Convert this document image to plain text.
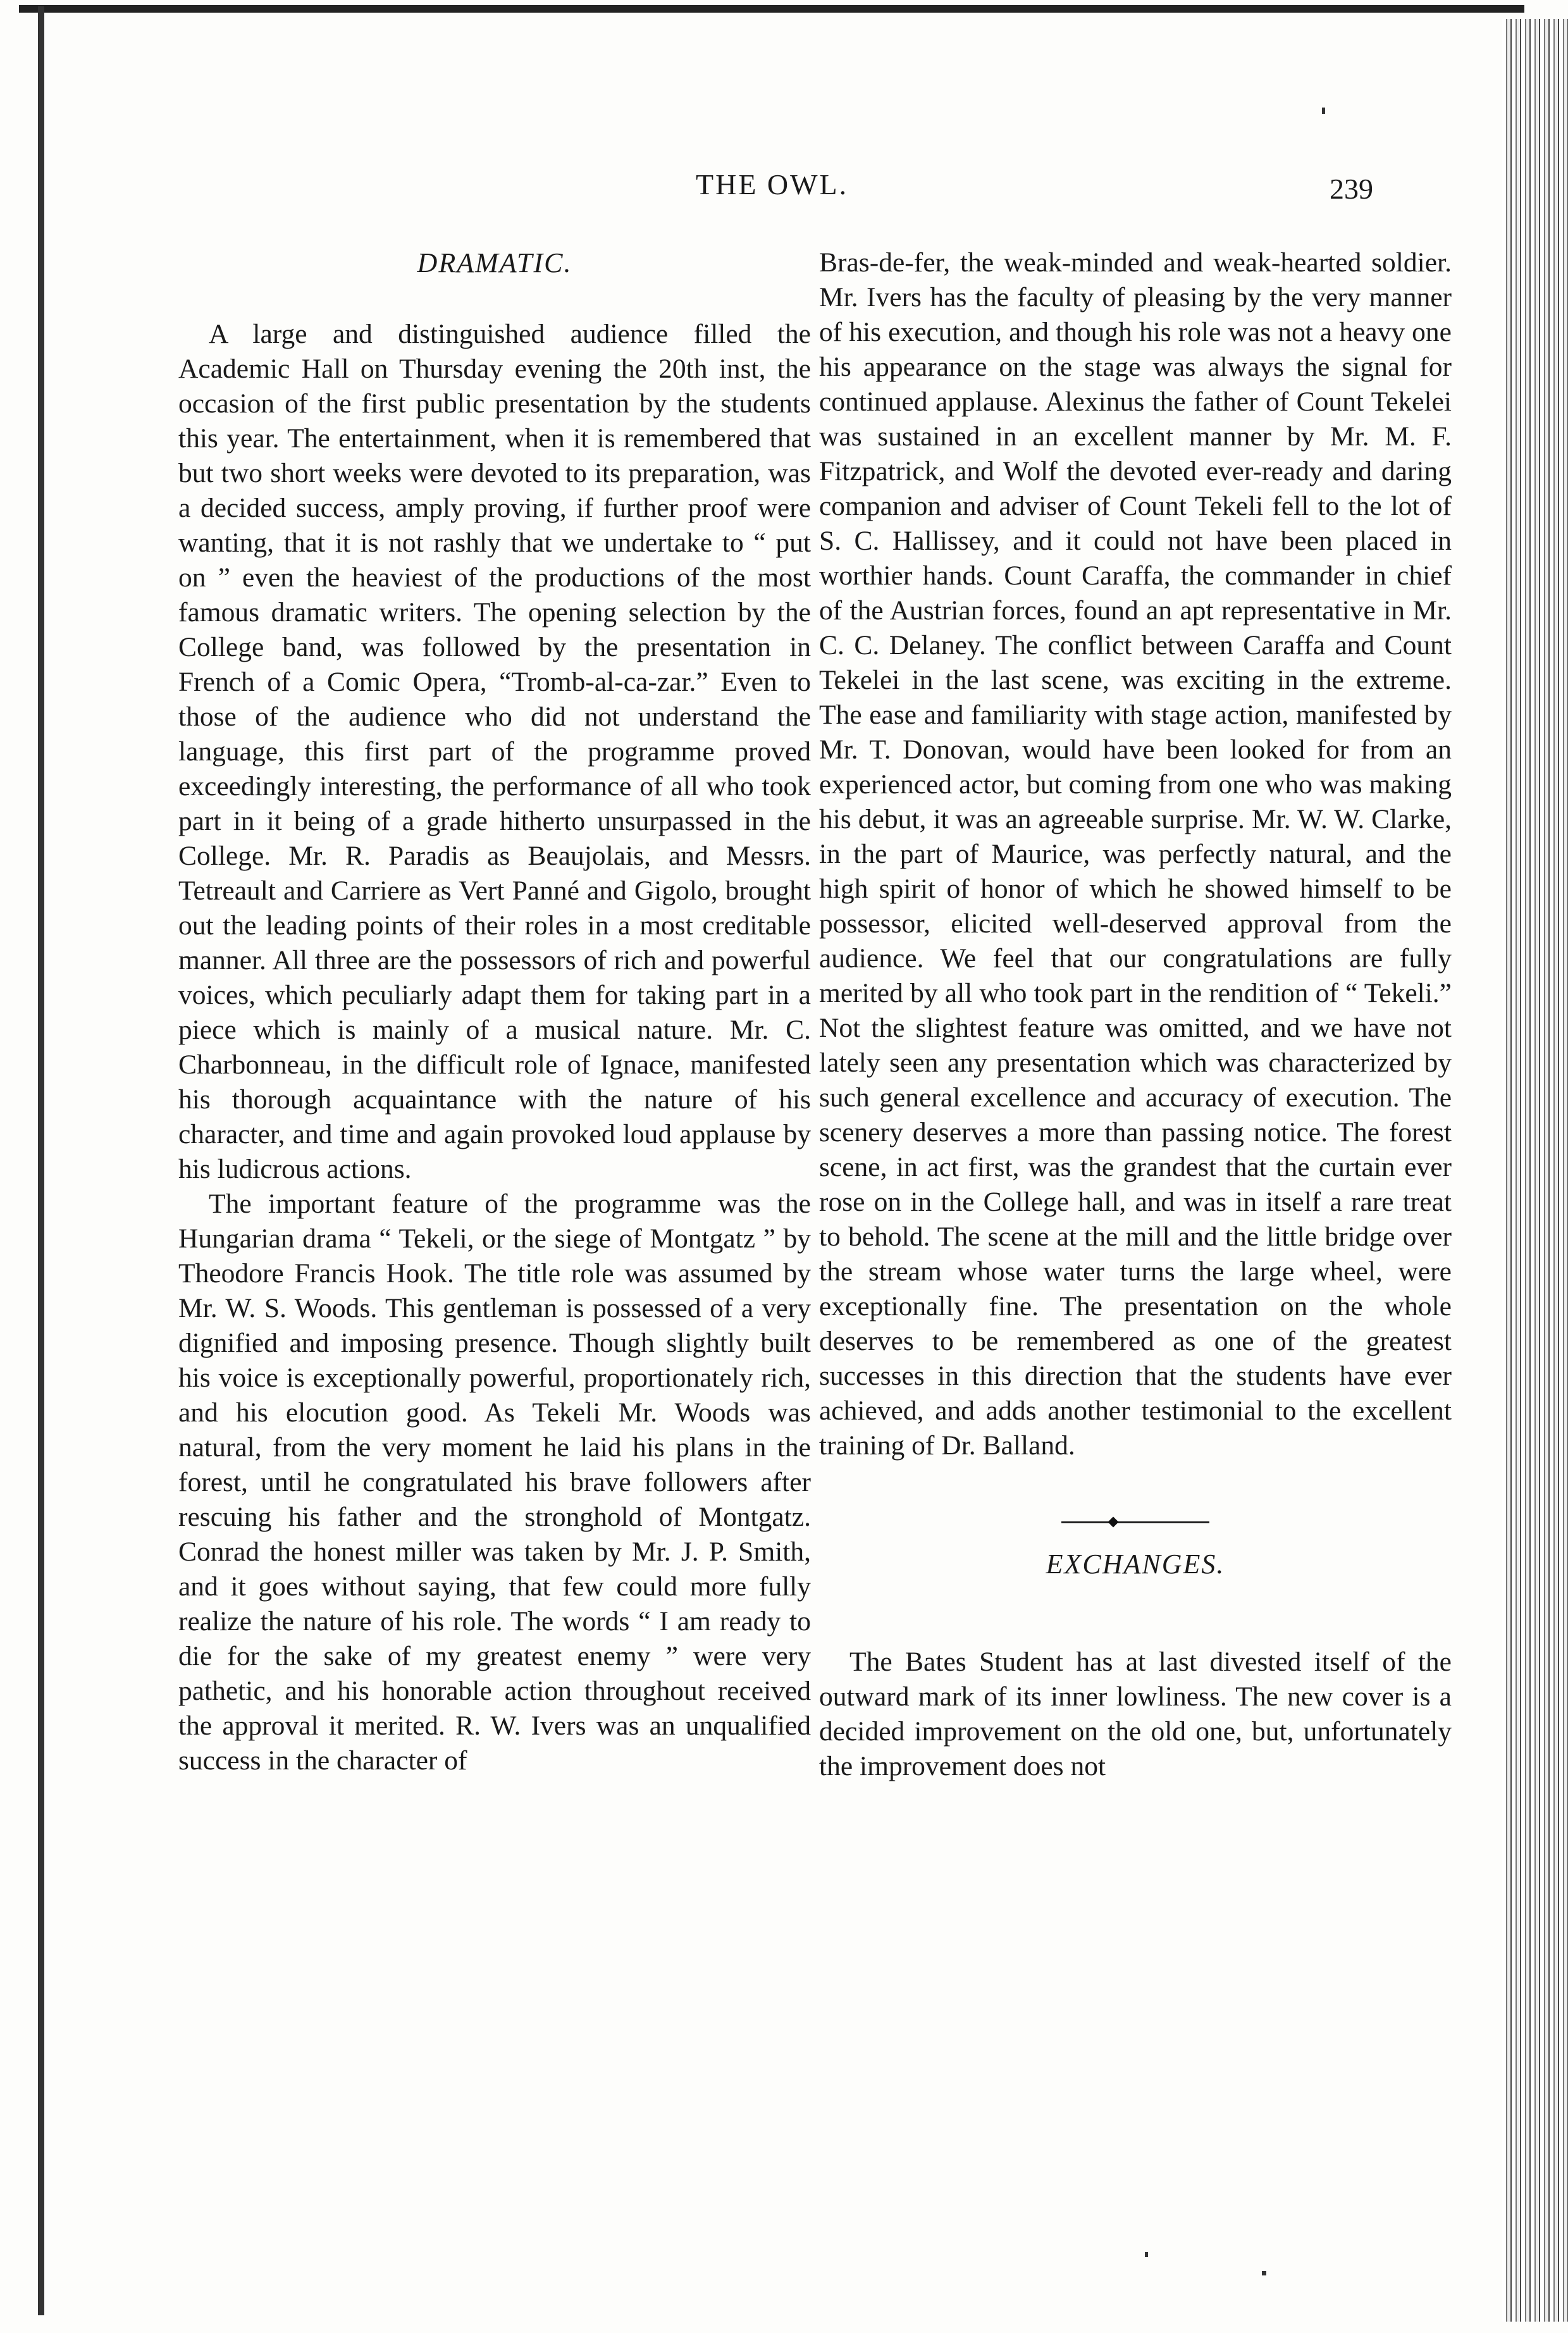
THE OWL.	239
DRAMATIC.

A large and distinguished audience filled the Academic Hall on Thursday evening the 20th inst, the occasion of the first public presentation by the students this year. The entertainment, when it is remembered that but two short weeks were devoted to its preparation, was a decided success, amply proving, if further proof were wanting, that it is not rashly that we undertake to “ put on ” even the heaviest of the productions of the most famous dramatic writers. The opening selection by the College band, was followed by the presentation in French of a Comic Opera, “Tromb-al-ca-zar.” Even to those of the audience who did not understand the language, this first part of the programme proved exceedingly interesting, the performance of all who took part in it being of a grade hitherto unsurpassed in the College. Mr. R. Paradis as Beaujolais, and Messrs. Tetreault and Carriere as Vert Panné and Gigolo, brought out the leading points of their roles in a most creditable manner. All three are the possessors of rich and powerful voices, which peculiarly adapt them for taking part in a piece which is mainly of a musical nature. Mr. C. Charbonneau, in the difficult role of Ignace, manifested his thorough acquaintance with the nature of his character, and time and again provoked loud applause by his ludicrous actions.

The important feature of the programme was the Hungarian drama “ Tekeli, or the siege of Montgatz ” by Theodore Francis Hook. The title role was assumed by Mr. W. S. Woods. This gentleman is possessed of a very dignified and imposing presence. Though slightly built his voice is exceptionally powerful, proportionately rich, and his elocution good. As Tekeli Mr. Woods was natural, from the very moment he laid his plans in the forest, until he congratulated his brave followers after rescuing his father and the stronghold of Montgatz. Conrad the honest miller was taken by Mr. J. P. Smith, and it goes without saying, that few could more fully realize the nature of his role. The words “ I am ready to die for the sake of my greatest enemy ” were very pathetic, and his honorable action throughout received the approval it merited. R. W. Ivers was an unqualified success in the character of

Bras-de-fer, the weak-minded and weak-hearted soldier. Mr. Ivers has the faculty of pleasing by the very manner of his execution, and though his role was not a heavy one his appearance on the stage was always the signal for continued applause. Alexinus the father of Count Tekelei was sustained in an excellent manner by Mr. M. F. Fitzpatrick, and Wolf the devoted ever-ready and daring companion and adviser of Count Tekeli fell to the lot of S. C. Hallissey, and it could not have been placed in worthier hands. Count Caraffa, the commander in chief of the Austrian forces, found an apt representative in Mr. C. C. Delaney. The conflict between Caraffa and Count Tekelei in the last scene, was exciting in the extreme. The ease and familiarity with stage action, manifested by Mr. T. Donovan, would have been looked for from an experienced actor, but coming from one who was making his debut, it was an agreeable surprise. Mr. W. W. Clarke, in the part of Maurice, was perfectly natural, and the high spirit of honor of which he showed himself to be possessor, elicited well-deserved approval from the audience. We feel that our congratulations are fully merited by all who took part in the rendition of “ Tekeli.” Not the slightest feature was omitted, and we have not lately seen any presentation which was characterized by such general excellence and accuracy of execution. The scenery deserves a more than passing notice. The forest scene, in act first, was the grandest that the curtain ever rose on in the College hall, and was in itself a rare treat to behold. The scene at the mill and the little bridge over the stream whose water turns the large wheel, were exceptionally fine. The presentation on the whole deserves to be remembered as one of the greatest successes in this direction that the students have ever achieved, and adds another testimonial to the excellent training of Dr. Balland.

EXCHANGES.

The Bates Student has at last divested itself of the outward mark of its inner lowliness. The new cover is a decided improvement on the old one, but, unfortunately the improvement does not
